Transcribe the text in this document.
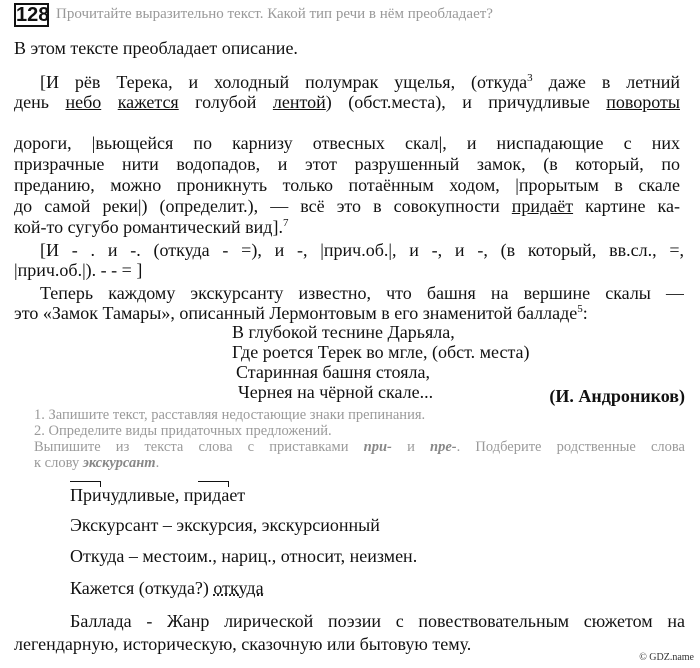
128 Прочитайте выразительно текст. Какой тип речи в нём преобладает?
В этом тексте преобладает описание.
[И рёв Терека, и холодный полумрак ущелья, (откуда$^3$ даже в летний
день небо кажется голубой лентой) (обст.места), и причудливые повороты
дороги, |вьющейся по карнизу отвесных скал|, и ниспадающие с них
призрачные нити водопадов, и этот разрушенный замок, (в который, по
преданию, можно проникнуть только потаённым ходом, |прорытым в скале
до самой реки|) (определит.), — всё это в совокупности придаёт картине ка-
кой-то сугубо романтический вид].$^7$
[И - . и -. (откуда - =), и -, |прич.об.|, и -, и -, (в который, вв.сл., =,
|прич.об.|). - - = ]
Теперь каждому экскурсанту известно, что башня на вершине скалы —
это «Замок Тамары», описанный Лермонтовым в его знаменитой балладе$^5$:
В глубокой теснине Дарьяла,
Где роется Терек во мгле, (обст. места)
Старинная башня стояла,
Чернея на чёрной скале...
1. Запишите текст, расставляя недостающие знаки препинания.
2. Определите виды придаточных предложений.
Выпишите из текста слова с приставками при- и пре-. Подберите родственные слова
к слову экскурсант.
Причудливые, придает
Экскурсант – экскурсия, экскурсионный
Откуда – местоим., нариц., относит, неизмен.
Кажется (откуда?) откуда
Баллада - Жанр лирической поэзии с повествовательным сюжетом на
легендарную, историческую, сказочную или бытовую тему.
(И. Андроников)
© GDZ.name
